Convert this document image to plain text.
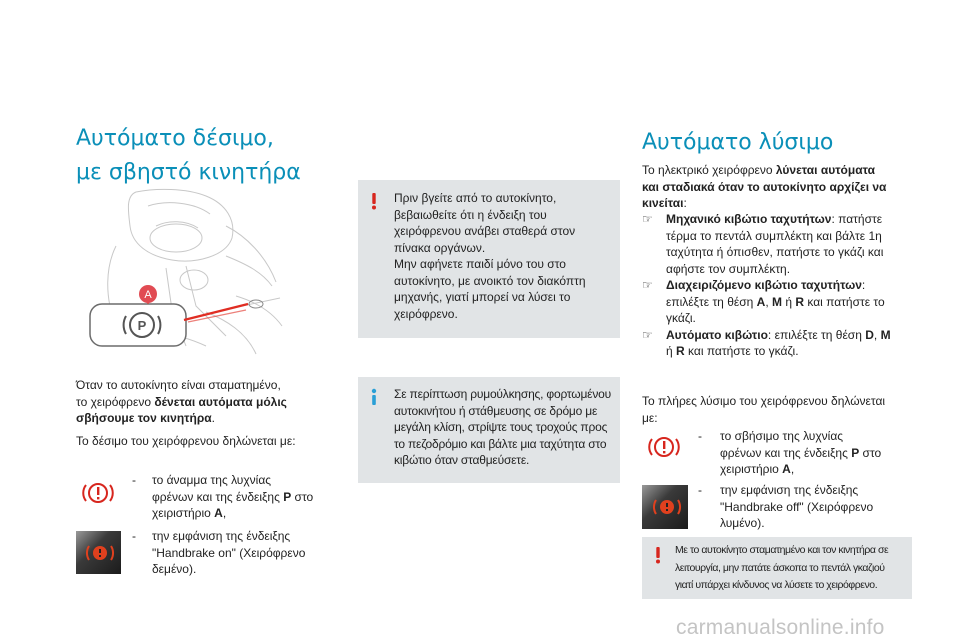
Αυτόματο δέσιμο,
με σβηστό κινητήρα
P
A
Όταν το αυτοκίνητο είναι σταματημένο,
το χειρόφρενο δένεται αυτόματα μόλις
σβήσουμε τον κινητήρα.
Το δέσιμο του χειρόφρενου δηλώνεται με:
-	το άναμμα της λυχνίας
φρένων και της ένδειξης P στο
χειριστήριο A,
-	την εμφάνιση της ένδειξης
"Handbrake on" (Χειρόφρενο
δεμένο).

Πριν βγείτε από το αυτοκίνητο,

βεβαιωθείτε ότι η ένδειξη του

χειρόφρενου ανάβει σταθερά στον

πίνακα οργάνων.

Μην αφήνετε παιδί μόνο του στο

αυτοκίνητο, με ανοικτό τον διακόπτη

μηχανής, γιατί μπορεί να λύσει το

χειρόφρενο.

Σε περίπτωση ρυμούλκησης, φορτωμένου

αυτοκινήτου ή στάθμευσης σε δρόμο με

μεγάλη κλίση, στρίψτε τους τροχούς προς

το πεζοδρόμιο και βάλτε μια ταχύτητα στο

κιβώτιο όταν σταθμεύσετε.

Αυτόματο λύσιμο
Το ηλεκτρικό χειρόφρενο λύνεται αυτόματα
και σταδιακά όταν το αυτοκίνητο αρχίζει να
κινείται:
☞	Μηχανικό κιβώτιο ταχυτήτων: πατήστε
τέρμα το πεντάλ συμπλέκτη και βάλτε 1η
ταχύτητα ή όπισθεν, πατήστε το γκάζι και
αφήστε τον συμπλέκτη.
☞	Διαχειριζόμενο κιβώτιο ταχυτήτων:
επιλέξτε τη θέση A, M ή R και πατήστε το
γκάζι.
☞	Αυτόματο κιβώτιο: επιλέξτε τη θέση D, M
ή R και πατήστε το γκάζι.
Το πλήρες λύσιμο του χειρόφρενου δηλώνεται
με:
-	το σβήσιμο της λυχνίας
φρένων και της ένδειξης P στο
χειριστήριο A,
-	την εμφάνιση της ένδειξης
"Handbrake off" (Χειρόφρενο
λυμένο).

Με το αυτοκίνητο σταματημένο και τον κινητήρα σε

λειτουργία, μην πατάτε άσκοπα το πεντάλ γκαζιού

γιατί υπάρχει κίνδυνος να λύσετε το χειρόφρενο.

carmanualsonline.info
